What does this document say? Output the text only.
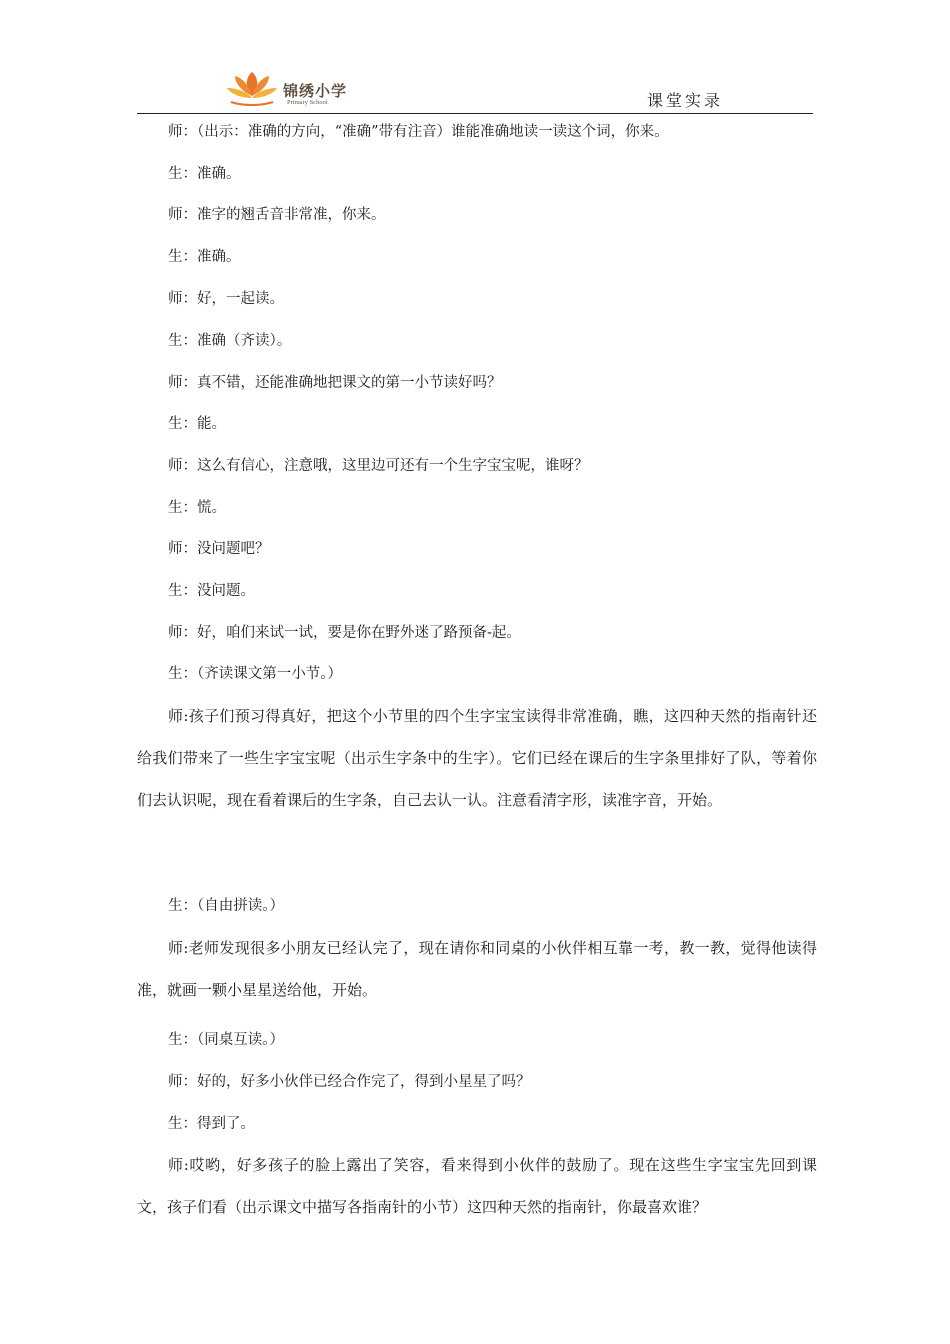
锦绣小学
Primary School	课堂实录

师：（出示：准确的方向，“准确”带有注音）谁能准确地读一读这个词，你来。

生：准确。

师：准字的翘舌音非常准，你来。

生：准确。

师：好，一起读。

生：准确（齐读）。

师：真不错，还能准确地把课文的第一小节读好吗？

生：能。

师：这么有信心，注意哦，这里边可还有一个生字宝宝呢，谁呀？

生：慌。

师：没问题吧？

生：没问题。

师：好，咱们来试一试，要是你在野外迷了路预备-起。

生：（齐读课文第一小节。）

师:孩子们预习得真好，把这个小节里的四个生字宝宝读得非常准确，瞧，这四种天然的指南针还给我们带来了一些生字宝宝呢（出示生字条中的生字）。它们已经在课后的生字条里排好了队，等着你们去认识呢，现在看着课后的生字条，自己去认一认。注意看清字形，读准字音，开始。

生：（自由拼读。）

师:老师发现很多小朋友已经认完了，现在请你和同桌的小伙伴相互靠一考，教一教，觉得他读得准，就画一颗小星星送给他，开始。

生：（同桌互读。）

师：好的，好多小伙伴已经合作完了，得到小星星了吗？

生：得到了。

师:哎哟，好多孩子的脸上露出了笑容，看来得到小伙伴的鼓励了。现在这些生字宝宝先回到课文，孩子们看（出示课文中描写各指南针的小节）这四种天然的指南针，你最喜欢谁？
